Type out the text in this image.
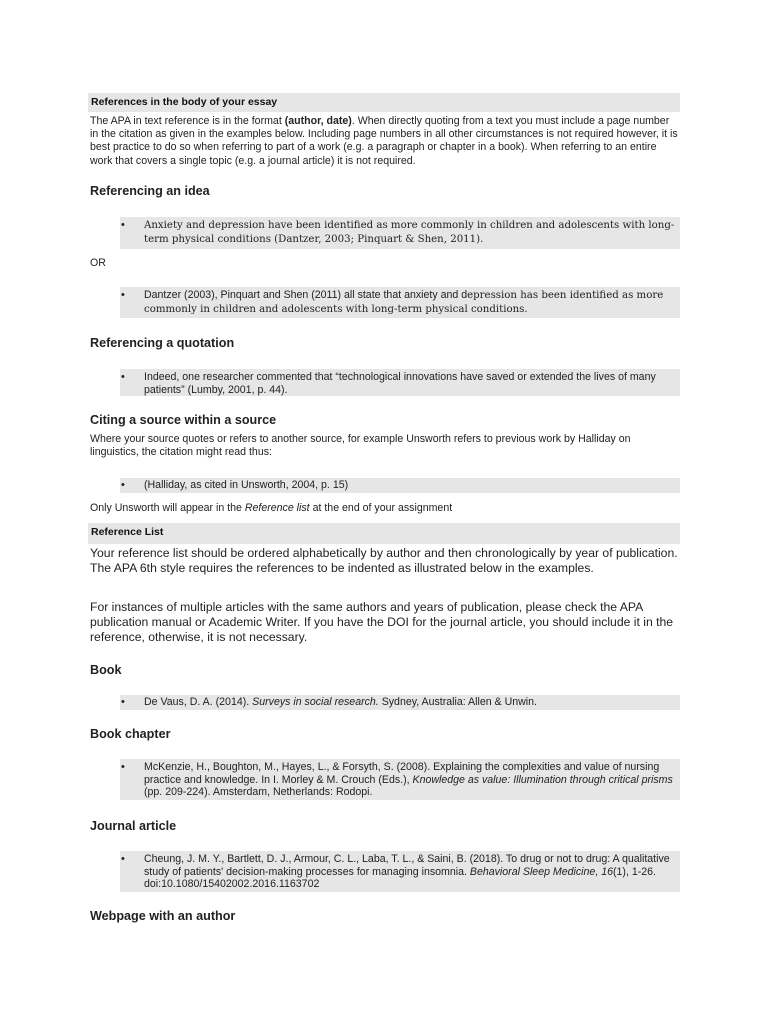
References in the body of your essay
The APA in text reference is in the format (author, date). When directly quoting from a text you must include a page number in the citation as given in the examples below. Including page numbers in all other circumstances is not required however, it is best practice to do so when referring to part of a work (e.g. a paragraph or chapter in a book). When referring to an entire work that covers a single topic (e.g. a journal article) it is not required.
Referencing an idea
• Anxiety and depression have been identified as more commonly in children and adolescents with long-term physical conditions (Dantzer, 2003; Pinquart & Shen, 2011).
OR
• Dantzer (2003), Pinquart and Shen (2011) all state that anxiety and depression has been identified as more commonly in children and adolescents with long-term physical conditions.
Referencing a quotation
• Indeed, one researcher commented that “technological innovations have saved or extended the lives of many patients” (Lumby, 2001, p. 44).
Citing a source within a source
Where your source quotes or refers to another source, for example Unsworth refers to previous work by Halliday on linguistics, the citation might read thus:
• (Halliday, as cited in Unsworth, 2004, p. 15)
Only Unsworth will appear in the Reference list at the end of your assignment
Reference List
Your reference list should be ordered alphabetically by author and then chronologically by year of publication. The APA 6th style requires the references to be indented as illustrated below in the examples.
For instances of multiple articles with the same authors and years of publication, please check the APA publication manual or Academic Writer. If you have the DOI for the journal article, you should include it in the reference, otherwise, it is not necessary.
Book
• De Vaus, D. A. (2014). Surveys in social research. Sydney, Australia: Allen & Unwin.
Book chapter
• McKenzie, H., Boughton, M., Hayes, L., & Forsyth, S. (2008). Explaining the complexities and value of nursing practice and knowledge. In I. Morley & M. Crouch (Eds.), Knowledge as value: Illumination through critical prisms (pp. 209-224). Amsterdam, Netherlands: Rodopi.
Journal article
• Cheung, J. M. Y., Bartlett, D. J., Armour, C. L., Laba, T. L., & Saini, B. (2018). To drug or not to drug: A qualitative study of patients' decision-making processes for managing insomnia. Behavioral Sleep Medicine, 16(1), 1-26. doi:10.1080/15402002.2016.1163702
Webpage with an author
